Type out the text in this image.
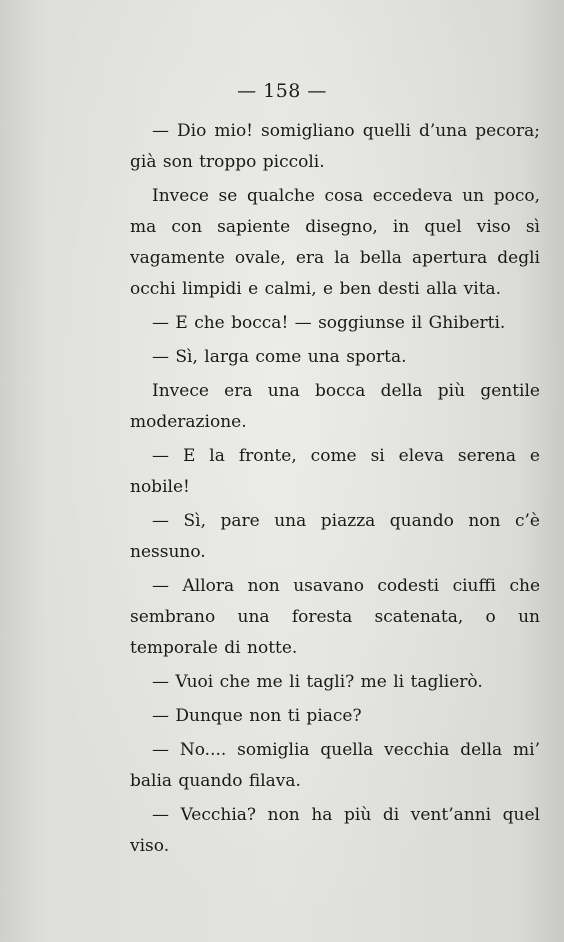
— 158 —

— Dio mio! somigliano quelli d’una pecora; già son troppo piccoli.

Invece se qualche cosa eccedeva un poco, ma con sapiente disegno, in quel viso sì vagamente ovale, era la bella apertura degli occhi limpidi e calmi, e ben desti alla vita.

— E che bocca! — soggiunse il Ghiberti.

— Sì, larga come una sporta.

Invece era una bocca della più gentile moderazione.

— E la fronte, come si eleva serena e nobile!

— Sì, pare una piazza quando non c’è nessuno.

— Allora non usavano codesti ciuffi che sembrano una foresta scatenata, o un temporale di notte.

— Vuoi che me li tagli? me li taglierò.

— Dunque non ti piace?

— No.... somiglia quella vecchia della mi’ balia quando filava.

— Vecchia? non ha più di vent’anni quel viso.
